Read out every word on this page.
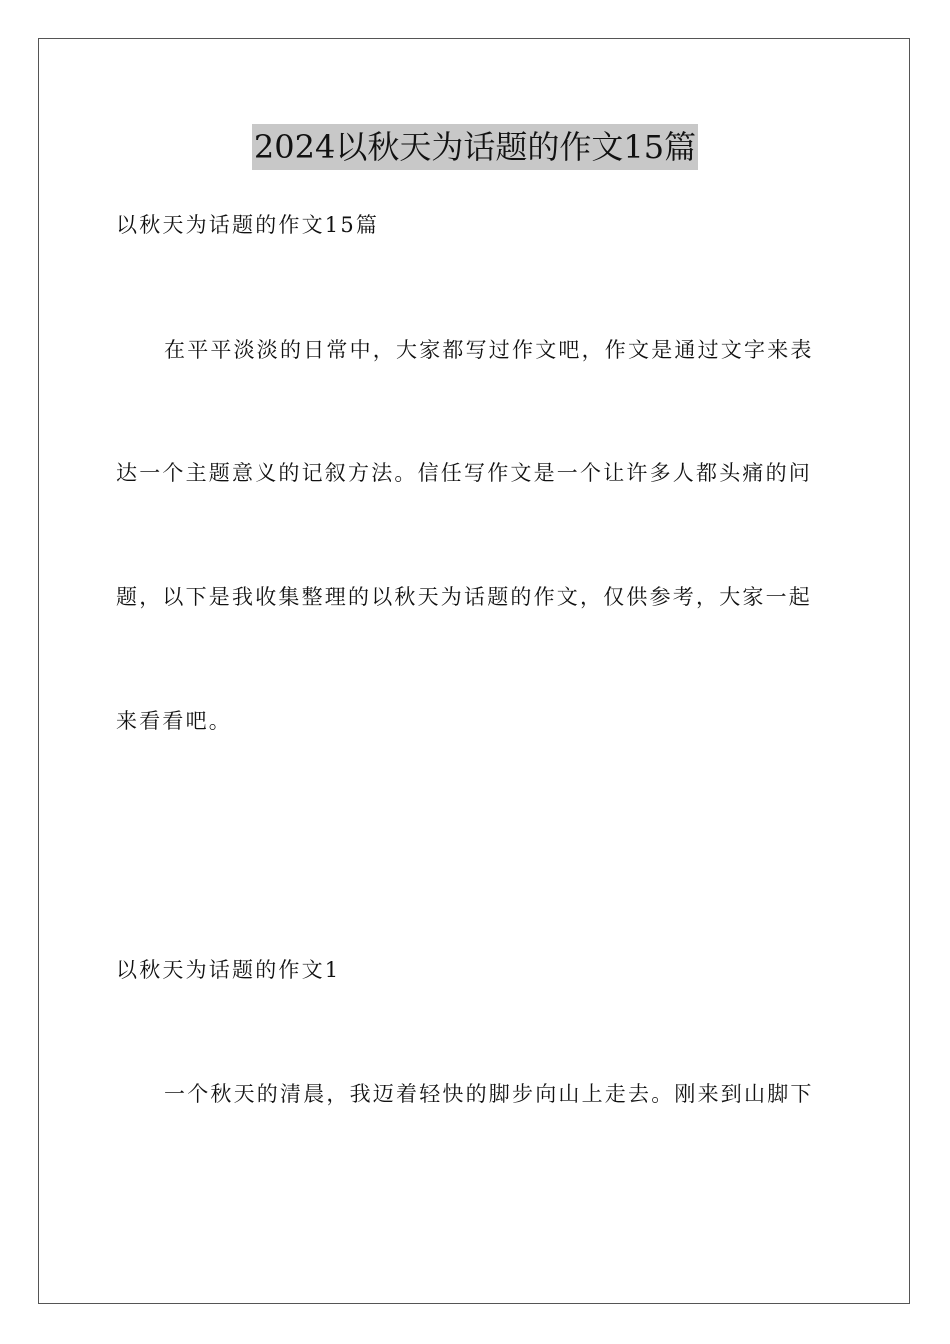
2024以秋天为话题的作文15篇

以秋天为话题的作文15篇

在平平淡淡的日常中，大家都写过作文吧，作文是通过文字来表

达一个主题意义的记叙方法。信任写作文是一个让许多人都头痛的问

题，以下是我收集整理的以秋天为话题的作文，仅供参考，大家一起

来看看吧。

以秋天为话题的作文1

一个秋天的清晨，我迈着轻快的脚步向山上走去。刚来到山脚下
